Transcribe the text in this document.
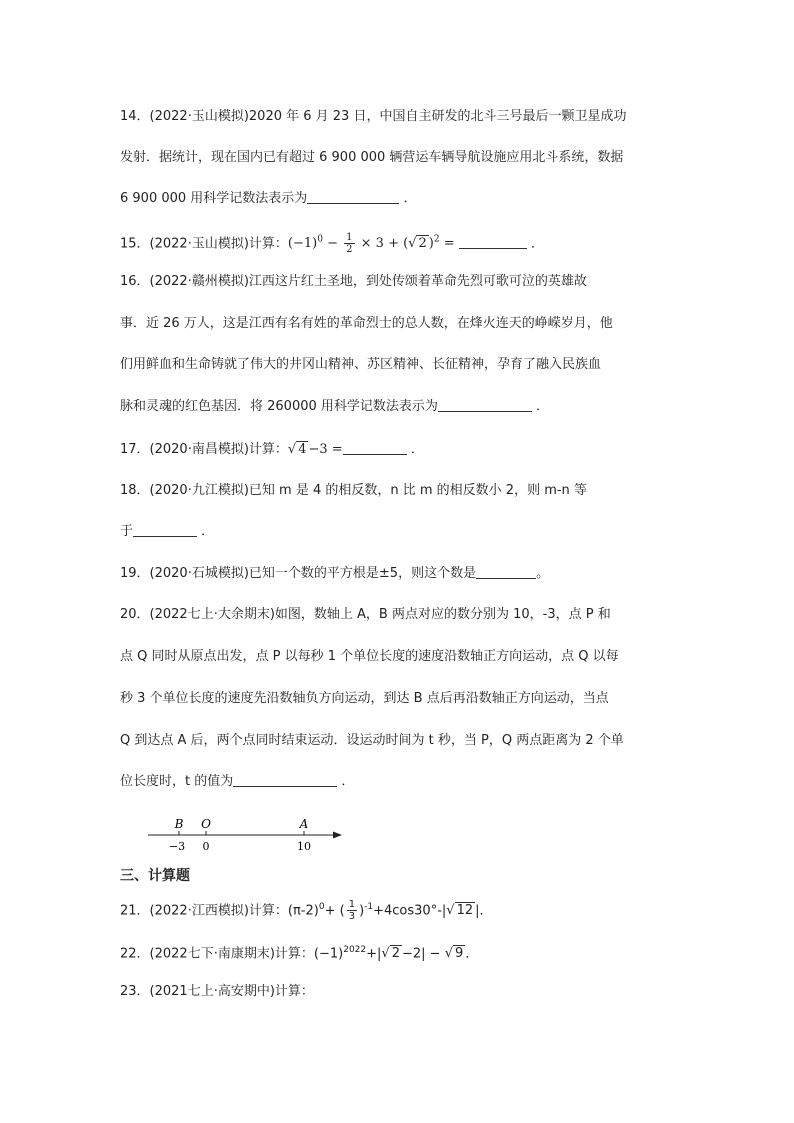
14．(2022·玉山模拟)2020 年 6 月 23 日，中国自主研发的北斗三号最后一颗卫星成功
发射．据统计，现在国内已有超过 6 900 000 辆营运车辆导航设施应用北斗系统，数据
6 900 000 用科学记数法表示为	．
15．(2022·玉山模拟)计算：$(-1)^0 - \frac{1}{2} \times 3$ + (√ 2 )$^2$ =	．
16．(2022·赣州模拟)江西这片红土圣地，到处传颂着革命先烈可歌可泣的英雄故
事．近 26 万人，这是江西有名有姓的革命烈士的总人数，在烽火连天的峥嵘岁月，他
们用鲜血和生命铸就了伟大的井冈山精神、苏区精神、长征精神，孕育了融入民族血
脉和灵魂的红色基因．将 260000 用科学记数法表示为	．
17．(2020·南昌模拟)计算：√ 4 −3 =	．
18．(2020·九江模拟)已知 m 是 4 的相反数，n 比 m 的相反数小 2，则 m-n 等
于	．
19．(2020·石城模拟)已知一个数的平方根是±5，则这个数是	。
20．(2022七上·大余期末)如图，数轴上 A，B 两点对应的数分别为 10，-3，点 P 和
点 Q 同时从原点出发，点 P 以每秒 1 个单位长度的速度沿数轴正方向运动，点 Q 以每
秒 3 个单位长度的速度先沿数轴负方向运动，到达 B 点后再沿数轴正方向运动，当点
Q 到达点 A 后，两个点同时结束运动．设运动时间为 t 秒，当 P，Q 两点距离为 2 个单
位长度时，t 的值为	．
B O	A
−3 0	10
三、计算题
21．(2022·江西模拟)计算：$(\pi-2)^0+$ ( $\frac{1}{3} )^{-1}+4\cos 30^\circ-|√$ 12 |．
22．(2022七下·南康期末)计算：$(-1)^{2022}+|√$ 2 −2| − √ 9 ．
23．(2021七上·高安期中)计算：
